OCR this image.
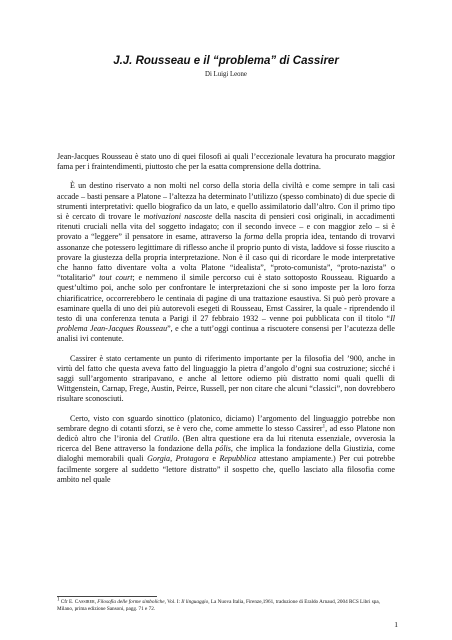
J.J. Rousseau e il “problema” di Cassirer
Di Luigi Leone

Jean-Jacques Rousseau è stato uno di quei filosofi ai quali l’eccezionale levatura ha procurato maggior fama per i fraintendimenti, piuttosto che per la esatta comprensione della dottrina.

È un destino riservato a non molti nel corso della storia della civiltà e come sempre in tali casi accade – basti pensare a Platone – l’altezza ha determinato l’utilizzo (spesso combinato) di due specie di strumenti interpretativi: quello biografico da un lato, e quello assimilatorio dall’altro. Con il primo tipo si è cercato di trovare le motivazioni nascoste della nascita di pensieri così originali, in accadimenti ritenuti cruciali nella vita del soggetto indagato; con il secondo invece – e con maggior zelo – si è provato a “leggere” il pensatore in esame, attraverso la forma della propria idea, tentando di trovarvi assonanze che potessero legittimare di riflesso anche il proprio punto di vista, laddove si fosse riuscito a provare la giustezza della propria interpretazione. Non è il caso qui di ricordare le mode interpretative che hanno fatto diventare volta a volta Platone “idealista”, “proto-comunista”, “proto-nazista” o “totalitario” tout court; e nemmeno il simile percorso cui è stato sottoposto Rousseau. Riguardo a quest’ultimo poi, anche solo per confrontare le interpretazioni che si sono imposte per la loro forza chiarificatrice, occorrerebbero le centinaia di pagine di una trattazione esaustiva. Si può però provare a esaminare quella di uno dei più autorevoli esegeti di Rousseau, Ernst Cassirer, la quale - riprendendo il testo di una conferenza tenuta a Parigi il 27 febbraio 1932 – venne poi pubblicata con il titolo “Il problema Jean-Jacques Rousseau”, e che a tutt’oggi continua a riscuotere consensi per l’acutezza delle analisi ivi contenute.

Cassirer è stato certamente un punto di riferimento importante per la filosofia del ’900, anche in virtù del fatto che questa aveva fatto del linguaggio la pietra d’angolo d’ogni sua costruzione; sicché i saggi sull’argomento straripavano, e anche al lettore odierno più distratto nomi quali quelli di Wittgenstein, Carnap, Frege, Austin, Peirce, Russell, per non citare che alcuni “classici”, non dovrebbero risultare sconosciuti.

Certo, visto con sguardo sinottico (platonico, diciamo) l’argomento del linguaggio potrebbe non sembrare degno di cotanti sforzi, se è vero che, come ammette lo stesso Cassirer$^1$, ad esso Platone non dedicò altro che l’ironia del Cratilo. (Ben altra questione era da lui ritenuta essenziale, ovverosia la ricerca del Bene attraverso la fondazione della pólis, che implica la fondazione della Giustizia, come dialoghi memorabili quali Gorgia, Protagora e Repubblica attestano ampiamente.) Per cui potrebbe facilmente sorgere al suddetto “lettore distratto” il sospetto che, quello lasciato alla filosofia come ambito nel quale

$^1$ Cfr E. Cassirer, Filosofia delle forme simboliche, Vol. I: Il linguaggio, La Nuova Italia, Firenze,1961, traduzione di Eraldo Arnaud, 2004 RCS Libri spa, Milano, prima edizione Sansoni, pagg. 71 e 72.
1
